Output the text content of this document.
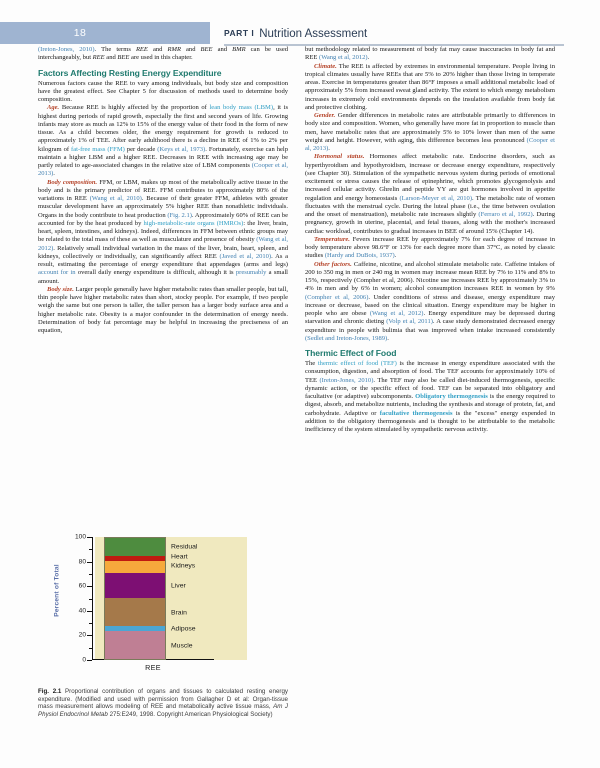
18	PART I Nutrition Assessment

(Ireton-Jones, 2010). The terms REE and RMR and BEE and BMR can be used interchangeably, but REE and BEE are used in this chapter.

Factors Affecting Resting Energy Expenditure

Numerous factors cause the REE to vary among individuals, but body size and composition have the greatest effect. See Chapter 5 for discussion of methods used to determine body composition.

Age. Because REE is highly affected by the proportion of lean body mass (LBM), it is highest during periods of rapid growth, especially the first and second years of life. Growing infants may store as much as 12% to 15% of the energy value of their food in the form of new tissue. As a child becomes older, the energy requirement for growth is reduced to approximately 1% of TEE. After early adulthood there is a decline in REE of 1% to 2% per kilogram of fat-free mass (FFM) per decade (Keys et al, 1973). Fortunately, exercise can help maintain a higher LBM and a higher REE. Decreases in REE with increasing age may be partly related to age-associated changes in the relative size of LBM components (Cooper et al, 2013).

Body composition. FFM, or LBM, makes up most of the metabolically active tissue in the body and is the primary predictor of REE. FFM contributes to approximately 80% of the variations in REE (Wang et al, 2010). Because of their greater FFM, athletes with greater muscular development have an approximately 5% higher REE than nonathletic individuals. Organs in the body contribute to heat production (Fig. 2.1). Approximately 60% of REE can be accounted for by the heat produced by high-metabolic-rate organs (HMROs): the liver, brain, heart, spleen, intestines, and kidneys). Indeed, differences in FFM between ethnic groups may be related to the total mass of these as well as musculature and presence of obesity (Wang et al, 2012). Relatively small individual variation in the mass of the liver, brain, heart, spleen, and kidneys, collectively or individually, can significantly affect REE (Javed et al, 2010). As a result, estimating the percentage of energy expenditure that appendages (arms and legs) account for in overall daily energy expenditure is difficult, although it is presumably a small amount.

Body size. Larger people generally have higher metabolic rates than smaller people, but tall, thin people have higher metabolic rates than short, stocky people. For example, if two people weigh the same but one person is taller, the taller person has a larger body surface area and a higher metabolic rate. Obesity is a major confounder in the determination of energy needs. Determination of body fat percentage may be helpful in increasing the preciseness of an equation,

Percent of Total
100
80
60
40
20
0
Muscle
Adipose
Brain
Liver
Kidneys
Heart
Residual
REE
Fig. 2.1 Proportional contribution of organs and tissues to calculated resting energy expenditure. (Modified and used with permission from Gallagher D et al: Organ-tissue mass measurement allows modeling of REE and metabolically active tissue mass, Am J Physiol Endocrinol Metab 275:E249, 1998. Copyright American Physiological Society)

but methodology related to measurement of body fat may cause inaccuracies in body fat and REE (Wang et al, 2012).

Climate. The REE is affected by extremes in environmental temperature. People living in tropical climates usually have REEs that are 5% to 20% higher than those living in temperate areas. Exercise in temperatures greater than 86°F imposes a small additional metabolic load of approximately 5% from increased sweat gland activity. The extent to which energy metabolism increases in extremely cold environments depends on the insulation available from body fat and protective clothing.

Gender. Gender differences in metabolic rates are attributable primarily to differences in body size and composition. Women, who generally have more fat in proportion to muscle than men, have metabolic rates that are approximately 5% to 10% lower than men of the same weight and height. However, with aging, this difference becomes less pronounced (Cooper et al, 2013).

Hormonal status. Hormones affect metabolic rate. Endocrine disorders, such as hyperthyroidism and hypothyroidism, increase or decrease energy expenditure, respectively (see Chapter 30). Stimulation of the sympathetic nervous system during periods of emotional excitement or stress causes the release of epinephrine, which promotes glycogenolysis and increased cellular activity. Ghrelin and peptide YY are gut hormones involved in appetite regulation and energy homeostasis (Larson-Meyer et al, 2010). The metabolic rate of women fluctuates with the menstrual cycle. During the luteal phase (i.e., the time between ovulation and the onset of menstruation), metabolic rate increases slightly (Ferraro et al, 1992). During pregnancy, growth in uterine, placental, and fetal tissues, along with the mother's increased cardiac workload, contributes to gradual increases in BEE of around 15% (Chapter 14).

Temperature. Fevers increase REE by approximately 7% for each degree of increase in body temperature above 98.6°F or 13% for each degree more than 37°C, as noted by classic studies (Hardy and DuBois, 1937).

Other factors. Caffeine, nicotine, and alcohol stimulate metabolic rate. Caffeine intakes of 200 to 350 mg in men or 240 mg in women may increase mean REE by 7% to 11% and 8% to 15%, respectively (Compher et al, 2006). Nicotine use increases REE by approximately 3% to 4% in men and by 6% in women; alcohol consumption increases REE in women by 9% (Compher et al, 2006). Under conditions of stress and disease, energy expenditure may increase or decrease, based on the clinical situation. Energy expenditure may be higher in people who are obese (Wang et al, 2012). Energy expenditure may be depressed during starvation and chronic dieting (Volp et al, 2011). A case study demonstrated decreased energy expenditure in people with bulimia that was improved when intake increased consistently (Sedlet and Ireton-Jones, 1989).

Thermic Effect of Food

The thermic effect of food (TEF) is the increase in energy expenditure associated with the consumption, digestion, and absorption of food. The TEF accounts for approximately 10% of TEE (Ireton-Jones, 2010). The TEF may also be called diet-induced thermogenesis, specific dynamic action, or the specific effect of food. TEF can be separated into obligatory and facultative (or adaptive) subcomponents. Obligatory thermogenesis is the energy required to digest, absorb, and metabolize nutrients, including the synthesis and storage of protein, fat, and carbohydrate. Adaptive or facultative thermogenesis is the "excess" energy expended in addition to the obligatory thermogenesis and is thought to be attributable to the metabolic inefficiency of the system stimulated by sympathetic nervous activity.
